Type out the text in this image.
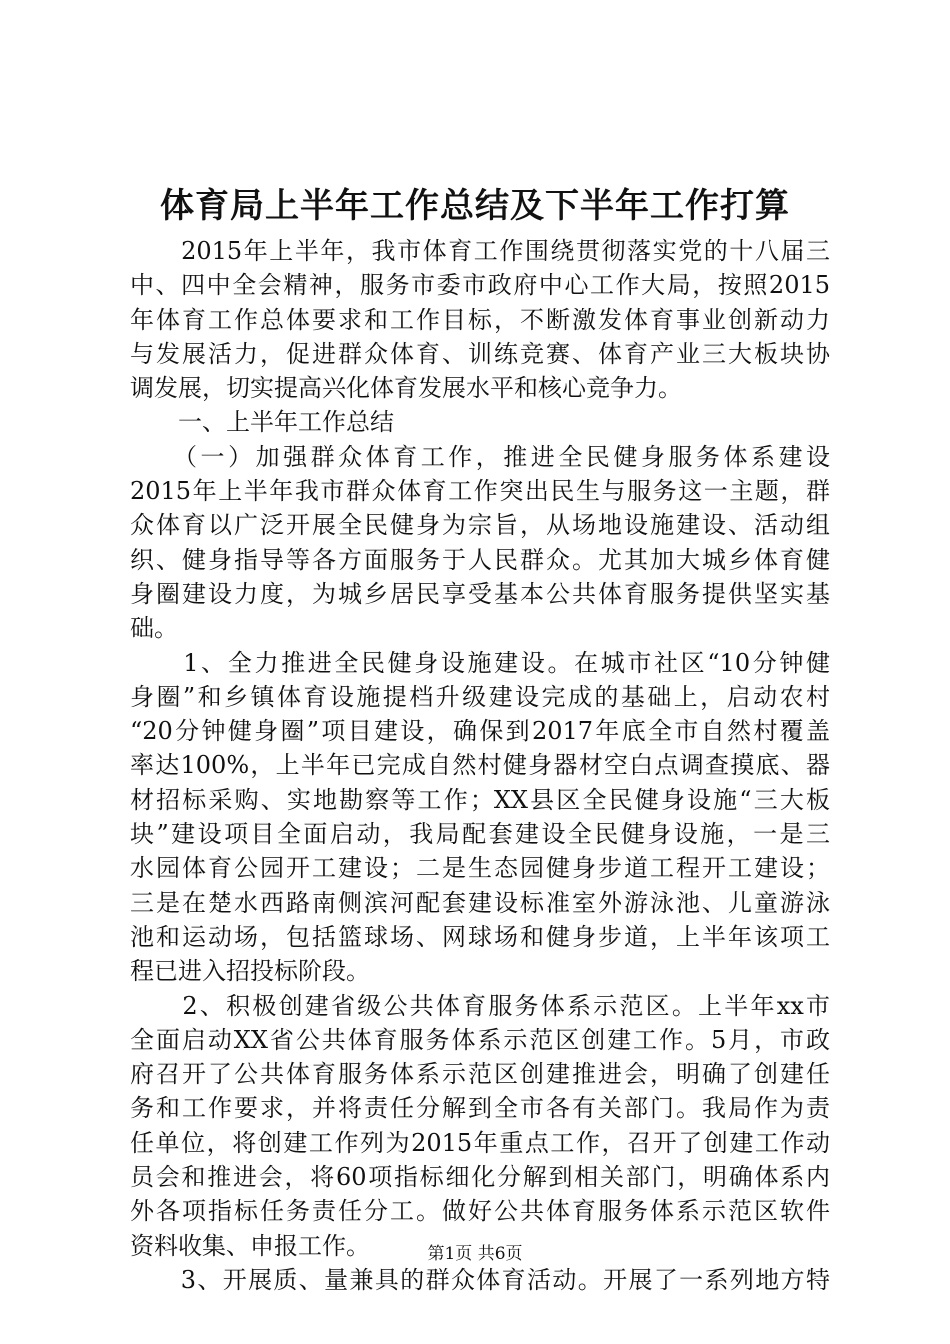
体育局上半年工作总结及下半年工作打算
　　2015年上半年，我市体育工作围绕贯彻落实党的十八届三
中、四中全会精神，服务市委市政府中心工作大局，按照2015
年体育工作总体要求和工作目标，不断激发体育事业创新动力
与发展活力，促进群众体育、训练竞赛、体育产业三大板块协
调发展，切实提高兴化体育发展水平和核心竞争力。
　　一、上半年工作总结
　　（一）加强群众体育工作，推进全民健身服务体系建设
2015年上半年我市群众体育工作突出民生与服务这一主题，群
众体育以广泛开展全民健身为宗旨，从场地设施建设、活动组
织、健身指导等各方面服务于人民群众。尤其加大城乡体育健
身圈建设力度，为城乡居民享受基本公共体育服务提供坚实基
础。
　　1、全力推进全民健身设施建设。在城市社区“10分钟健
身圈”和乡镇体育设施提档升级建设完成的基础上，启动农村
“20分钟健身圈”项目建设，确保到2017年底全市自然村覆盖
率达100%，上半年已完成自然村健身器材空白点调查摸底、器
材招标采购、实地勘察等工作；XX县区全民健身设施“三大板
块”建设项目全面启动，我局配套建设全民健身设施，一是三
水园体育公园开工建设；二是生态园健身步道工程开工建设；
三是在楚水西路南侧滨河配套建设标准室外游泳池、儿童游泳
池和运动场，包括篮球场、网球场和健身步道，上半年该项工
程已进入招投标阶段。
　　2、积极创建省级公共体育服务体系示范区。上半年xx市
全面启动XX省公共体育服务体系示范区创建工作。5月，市政
府召开了公共体育服务体系示范区创建推进会，明确了创建任
务和工作要求，并将责任分解到全市各有关部门。我局作为责
任单位，将创建工作列为2015年重点工作，召开了创建工作动
员会和推进会，将60项指标细化分解到相关部门，明确体系内
外各项指标任务责任分工。做好公共体育服务体系示范区软件
资料收集、申报工作。
　　3、开展质、量兼具的群众体育活动。开展了一系列地方特
第1页 共6页
